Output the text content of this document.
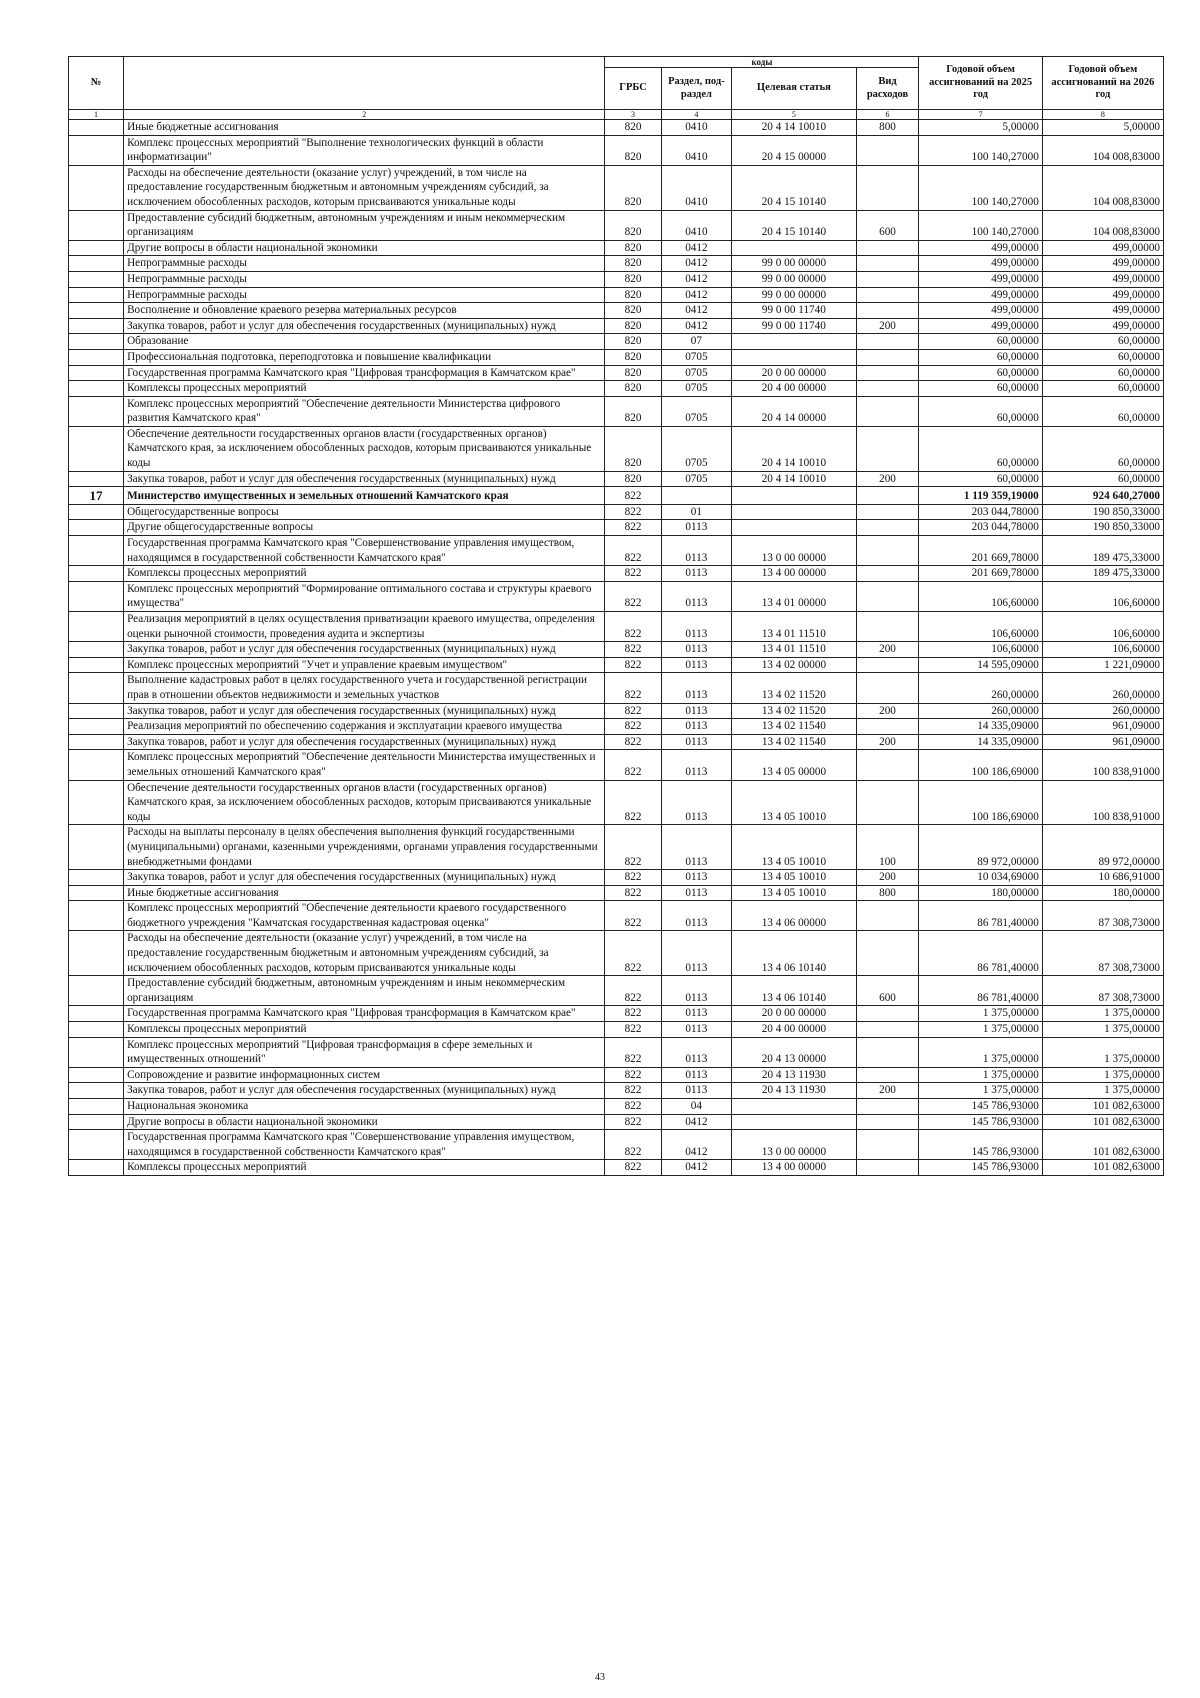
№		коды				Годовой объем ассигнований на 2025 год	Годовой объем ассигнований на 2026 год
		ГРБС	Раздел, под-раздел	Целевая статья	Вид расходов		
1	2	3	4	5	6	7	8
	Иные бюджетные ассигнования	820	0410	20 4 14 10010	800	5,00000	5,00000
	Комплекс процессных мероприятий "Выполнение технологических функций в области информатизации"	820	0410	20 4 15 00000		100 140,27000	104 008,83000
	Расходы на обеспечение деятельности (оказание услуг) учреждений, в том числе на предоставление государственным бюджетным и автономным учреждениям субсидий, за исключением обособленных расходов, которым присваиваются уникальные коды	820	0410	20 4 15 10140		100 140,27000	104 008,83000
	Предоставление субсидий бюджетным, автономным учреждениям и иным некоммерческим организациям	820	0410	20 4 15 10140	600	100 140,27000	104 008,83000
	Другие вопросы в области национальной экономики	820	0412			499,00000	499,00000
	Непрограммные расходы	820	0412	99 0 00 00000		499,00000	499,00000
	Непрограммные расходы	820	0412	99 0 00 00000		499,00000	499,00000
	Непрограммные расходы	820	0412	99 0 00 00000		499,00000	499,00000
	Восполнение и обновление краевого резерва материальных ресурсов	820	0412	99 0 00 11740		499,00000	499,00000
	Закупка товаров, работ и услуг для обеспечения государственных (муниципальных) нужд	820	0412	99 0 00 11740	200	499,00000	499,00000
	Образование	820	07			60,00000	60,00000
	Профессиональная подготовка, переподготовка и повышение квалификации	820	0705			60,00000	60,00000
	Государственная программа Камчатского края "Цифровая трансформация в Камчатском крае"	820	0705	20 0 00 00000		60,00000	60,00000
	Комплексы процессных мероприятий	820	0705	20 4 00 00000		60,00000	60,00000
	Комплекс процессных мероприятий "Обеспечение деятельности Министерства цифрового развития Камчатского края"	820	0705	20 4 14 00000		60,00000	60,00000
	Обеспечение деятельности государственных органов власти (государственных органов) Камчатского края, за исключением обособленных расходов, которым присваиваются уникальные коды	820	0705	20 4 14 10010		60,00000	60,00000
	Закупка товаров, работ и услуг для обеспечения государственных (муниципальных) нужд	820	0705	20 4 14 10010	200	60,00000	60,00000
17	Министерство имущественных и земельных отношений Камчатского края	822				1 119 359,19000	924 640,27000
	Общегосударственные вопросы	822	01			203 044,78000	190 850,33000
	Другие общегосударственные вопросы	822	0113			203 044,78000	190 850,33000
	Государственная программа Камчатского края "Совершенствование управления имуществом, находящимся в государственной собственности Камчатского края"	822	0113	13 0 00 00000		201 669,78000	189 475,33000
	Комплексы процессных мероприятий	822	0113	13 4 00 00000		201 669,78000	189 475,33000
	Комплекс процессных мероприятий "Формирование оптимального состава и структуры краевого имущества"	822	0113	13 4 01 00000		106,60000	106,60000
	Реализация мероприятий в целях осуществления приватизации краевого имущества, определения оценки рыночной стоимости, проведения аудита и экспертизы	822	0113	13 4 01 11510		106,60000	106,60000
	Закупка товаров, работ и услуг для обеспечения государственных (муниципальных) нужд	822	0113	13 4 01 11510	200	106,60000	106,60000
	Комплекс процессных мероприятий "Учет и управление краевым имуществом"	822	0113	13 4 02 00000		14 595,09000	1 221,09000
	Выполнение кадастровых работ в целях государственного учета и государственной регистрации прав в отношении объектов недвижимости и земельных участков	822	0113	13 4 02 11520		260,00000	260,00000
	Закупка товаров, работ и услуг для обеспечения государственных (муниципальных) нужд	822	0113	13 4 02 11520	200	260,00000	260,00000
	Реализация мероприятий по обеспечению содержания и эксплуатации краевого имущества	822	0113	13 4 02 11540		14 335,09000	961,09000
	Закупка товаров, работ и услуг для обеспечения государственных (муниципальных) нужд	822	0113	13 4 02 11540	200	14 335,09000	961,09000
	Комплекс процессных мероприятий "Обеспечение деятельности Министерства имущественных и земельных отношений Камчатского края"	822	0113	13 4 05 00000		100 186,69000	100 838,91000
	Обеспечение деятельности государственных органов власти (государственных органов) Камчатского края, за исключением обособленных расходов, которым присваиваются уникальные коды	822	0113	13 4 05 10010		100 186,69000	100 838,91000
	Расходы на выплаты персоналу в целях обеспечения выполнения функций государственными (муниципальными) органами, казенными учреждениями, органами управления государственными внебюджетными фондами	822	0113	13 4 05 10010	100	89 972,00000	89 972,00000
	Закупка товаров, работ и услуг для обеспечения государственных (муниципальных) нужд	822	0113	13 4 05 10010	200	10 034,69000	10 686,91000
	Иные бюджетные ассигнования	822	0113	13 4 05 10010	800	180,00000	180,00000
	Комплекс процессных мероприятий "Обеспечение деятельности краевого государственного бюджетного учреждения "Камчатская государственная кадастровая оценка"	822	0113	13 4 06 00000		86 781,40000	87 308,73000
	Расходы на обеспечение деятельности (оказание услуг) учреждений, в том числе на предоставление государственным бюджетным и автономным учреждениям субсидий, за исключением обособленных расходов, которым присваиваются уникальные коды	822	0113	13 4 06 10140		86 781,40000	87 308,73000
	Предоставление субсидий бюджетным, автономным учреждениям и иным некоммерческим организациям	822	0113	13 4 06 10140	600	86 781,40000	87 308,73000
	Государственная программа Камчатского края "Цифровая трансформация в Камчатском крае"	822	0113	20 0 00 00000		1 375,00000	1 375,00000
	Комплексы процессных мероприятий	822	0113	20 4 00 00000		1 375,00000	1 375,00000
	Комплекс процессных мероприятий "Цифровая трансформация в сфере земельных и имущественных отношений"	822	0113	20 4 13 00000		1 375,00000	1 375,00000
	Сопровождение и развитие информационных систем	822	0113	20 4 13 11930		1 375,00000	1 375,00000
	Закупка товаров, работ и услуг для обеспечения государственных (муниципальных) нужд	822	0113	20 4 13 11930	200	1 375,00000	1 375,00000
	Национальная экономика	822	04			145 786,93000	101 082,63000
	Другие вопросы в области национальной экономики	822	0412			145 786,93000	101 082,63000
	Государственная программа Камчатского края "Совершенствование управления имуществом, находящимся в государственной собственности Камчатского края"	822	0412	13 0 00 00000		145 786,93000	101 082,63000
	Комплексы процессных мероприятий	822	0412	13 4 00 00000		145 786,93000	101 082,63000
43
